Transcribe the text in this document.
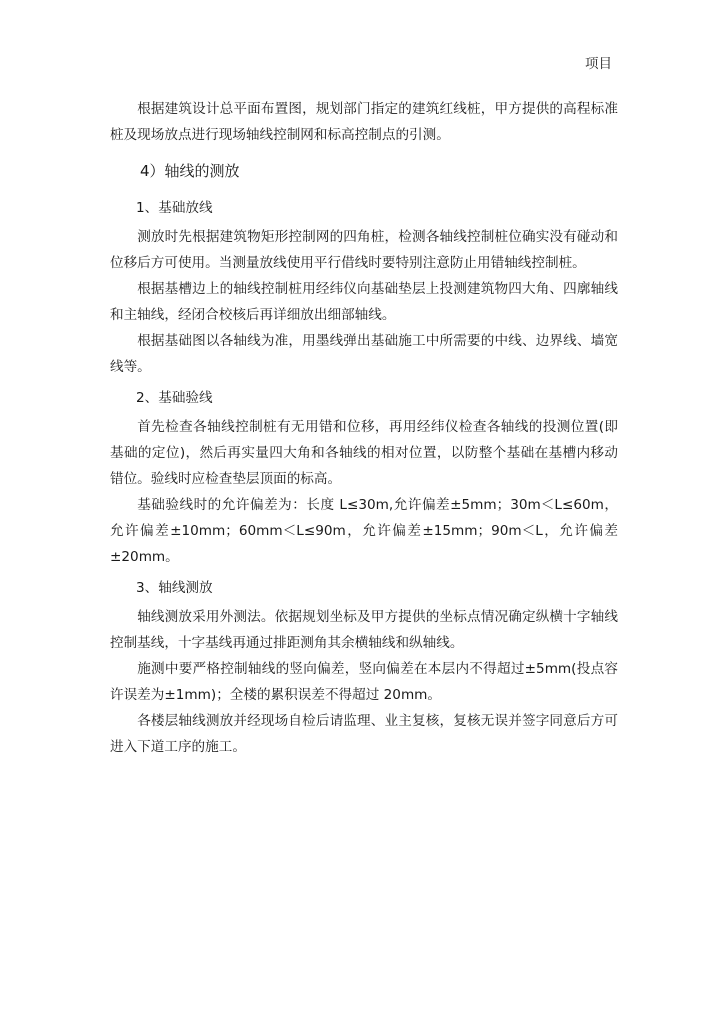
项目

根据建筑设计总平面布置图，规划部门指定的建筑红线桩，甲方提供的高程标准桩及现场放点进行现场轴线控制网和标高控制点的引测。

4）轴线的测放
1、基础放线

测放时先根据建筑物矩形控制网的四角桩，检测各轴线控制桩位确实没有碰动和位移后方可使用。当测量放线使用平行借线时要特别注意防止用错轴线控制桩。

根据基槽边上的轴线控制桩用经纬仪向基础垫层上投测建筑物四大角、四廓轴线和主轴线，经闭合校核后再详细放出细部轴线。

根据基础图以各轴线为准，用墨线弹出基础施工中所需要的中线、边界线、墙宽线等。

2、基础验线

首先检查各轴线控制桩有无用错和位移，再用经纬仪检查各轴线的投测位置(即基础的定位)，然后再实量四大角和各轴线的相对位置，以防整个基础在基槽内移动错位。验线时应检查垫层顶面的标高。

基础验线时的允许偏差为：长度 L≤30m,允许偏差±5mm；30m＜L≤60m，允许偏差±10mm；60mm＜L≤90m，允许偏差±15mm；90m＜L，允许偏差±20mm。

3、轴线测放

轴线测放采用外测法。依据规划坐标及甲方提供的坐标点情况确定纵横十字轴线控制基线，十字基线再通过排距测角其余横轴线和纵轴线。

施测中要严格控制轴线的竖向偏差，竖向偏差在本层内不得超过±5mm(投点容许误差为±1mm)；全楼的累积误差不得超过 20mm。

各楼层轴线测放并经现场自检后请监理、业主复核，复核无误并签字同意后方可进入下道工序的施工。
